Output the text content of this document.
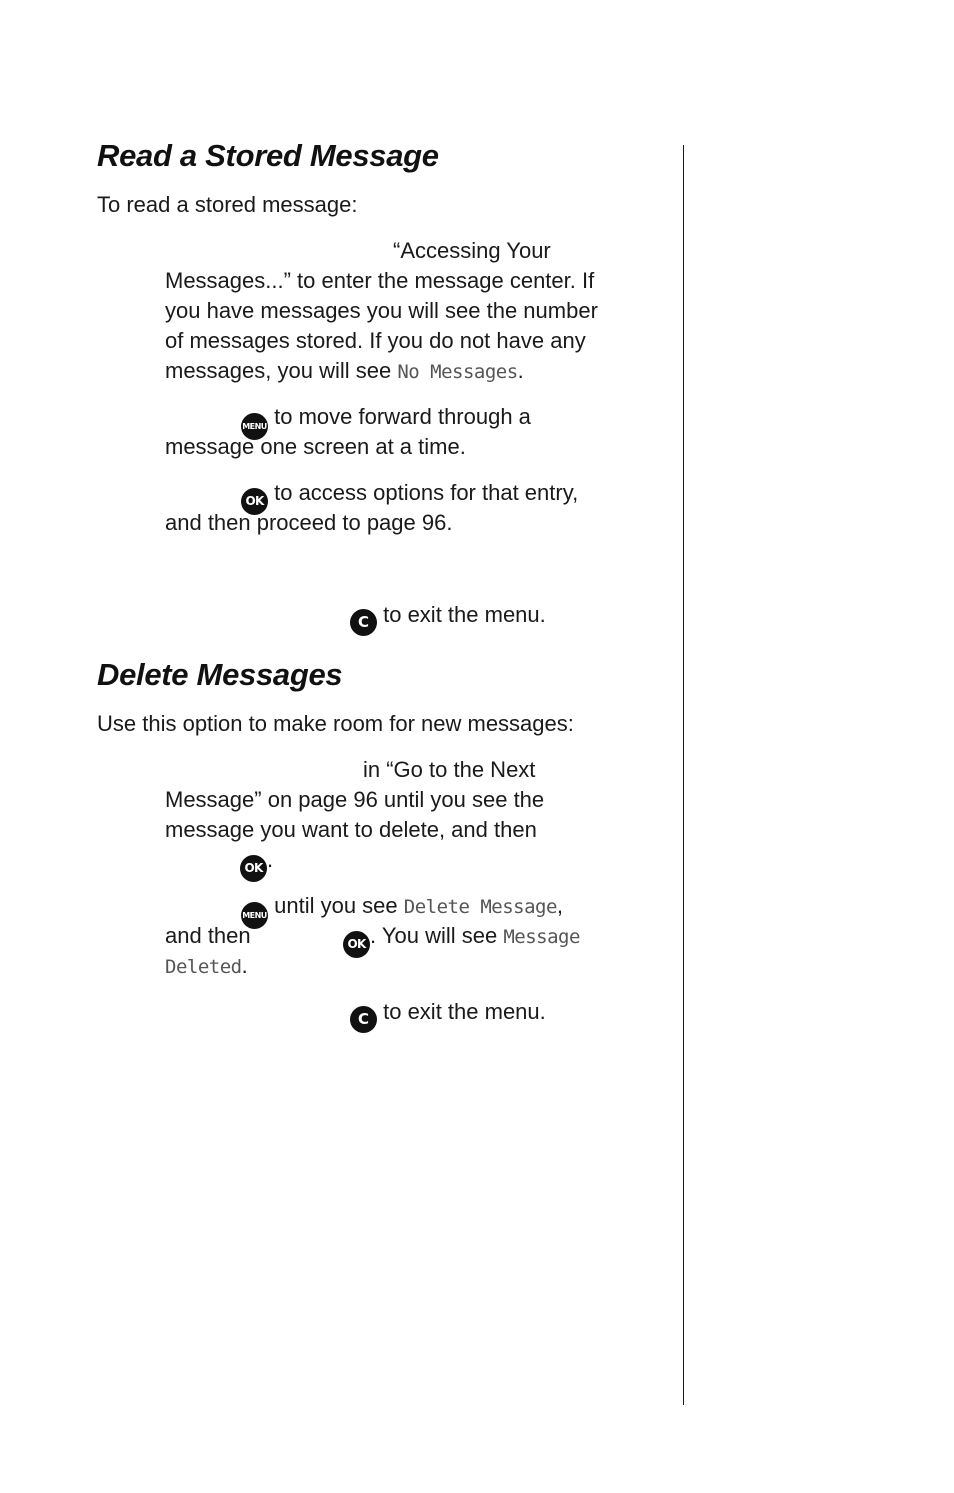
Read a Stored Message

To read a stored message:

“Accessing Your

Messages...” to enter the message center. If

you have messages you will see the number

of messages stored. If you do not have any

messages, you will see No Messages.

MENU to move forward through a

message one screen at a time.

OK to access options for that entry,

and then proceed to page 96.

C to exit the menu.

Delete Messages

Use this option to make room for new messages:

in “Go to the Next

Message” on page 96 until you see the

message you want to delete, and then

OK .

MENU until you see Delete Message,

and then	OK . You will see Message

Deleted.

C to exit the menu.
